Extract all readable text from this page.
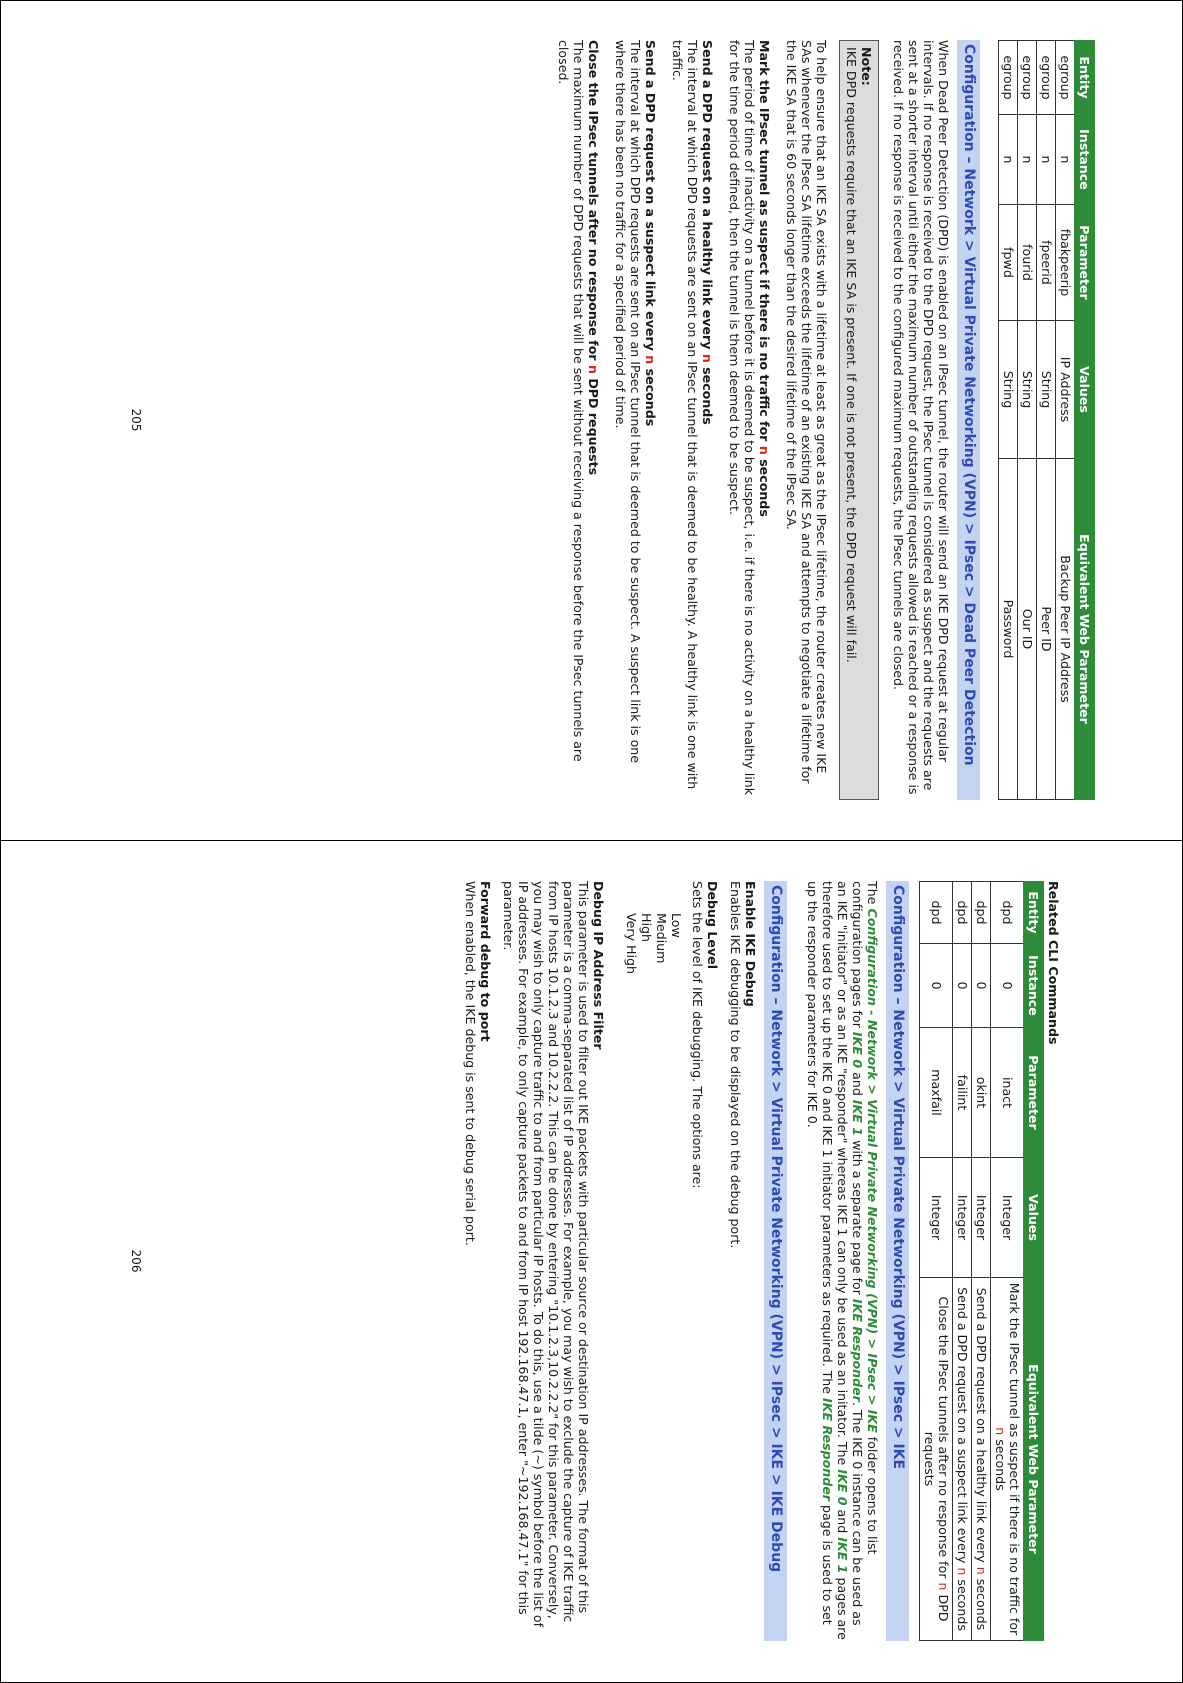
Entity	Instance	Parameter	Values	Equivalent Web Parameter
egroup	n	fbakpeerip	IP Address	Backup Peer IP Address
egroup	n	fpeerid	String	Peer ID
egroup	n	fourid	String	Our ID
egroup	n	fpwd	String	Password
Configuration – Network > Virtual Private Networking (VPN) > IPsec > Dead Peer Detection

When Dead Peer Detection (DPD) is enabled on an IPsec tunnel, the router will send an IKE DPD request at regular intervals. If no response is received to the DPD request, the IPsec tunnel is considered as suspect and the requests are sent at a shorter interval until either the maximum number of outstanding requests allowed is reached or a response is received. If no response is received to the configured maximum requests, the IPsec tunnels are closed.

Note:
IKE DPD requests require that an IKE SA is present. If one is not present, the DPD request will fail.

To help ensure that an IKE SA exists with a lifetime at least as great as the IPsec lifetime, the router creates new IKE SAs whenever the IPsec SA lifetime exceeds the lifetime of an existing IKE SA and attempts to negotiate a lifetime for the IKE SA that is 60 seconds longer than the desired lifetime of the IPsec SA.

Mark the IPsec tunnel as suspect if there is no traffic for n seconds
The period of time of inactivity on a tunnel before it is deemed to be suspect, i.e. if there is no activity on a healthy link for the time period defined, then the tunnel is them deemed to be suspect.

Send a DPD request on a healthy link every n seconds
The interval at which DPD requests are sent on an IPsec tunnel that is deemed to be healthy. A healthy link is one with traffic.

Send a DPD request on a suspect link every n seconds
The interval at which DPD requests are sent on an IPsec tunnel that is deemed to be suspect. A suspect link is one where there has been no traffic for a specified period of time.

Close the IPsec tunnels after no response for n DPD requests
The maximum number of DPD requests that will be sent without receiving a response before the IPsec tunnels are closed.

205
Related CLI Commands
Entity	Instance	Parameter	Values	Equivalent Web Parameter
dpd	0	inact	Integer	Mark the IPsec tunnel as suspect if there is no traffic for n seconds
dpd	0	okint	Integer	Send a DPD request on a healthy link every n seconds
dpd	0	failint	Integer	Send a DPD request on a suspect link every n seconds
dpd	0	maxfail	Integer	Close the IPsec tunnels after no response for n DPD requests
Configuration – Network > Virtual Private Networking (VPN) > IPsec > IKE

The Configuration - Network > Virtual Private Networking (VPN) > IPsec > IKE folder opens to list configuration pages for IKE 0 and IKE 1 with a separate page for IKE Responder. The IKE 0 instance can be used as an IKE "initiator" or as an IKE "responder" whereas IKE 1 can only be used as an initator. The IKE 0 and IKE 1 pages are therefore used to set up the IKE 0 and IKE 1 initiator parameters as required. The IKE Responder page is used to set up the responder parameters for IKE 0.

Configuration – Network > Virtual Private Networking (VPN) > IPsec > IKE > IKE Debug
Enable IKE Debug
Enables IKE debugging to be displayed on the debug port.
Debug Level
Sets the level of IKE debugging. The options are:
Low
Medium
High
Very High
Debug IP Address Filter
This parameter is used to filter out IKE packets with particular source or destination IP addresses. The format of this parameter is a comma-separated list of IP addresses. For example, you may wish to exclude the capture of IKE traffic from IP hosts 10.1.2.3 and 10.2.2.2. This can be done by entering "10.1.2.3,10.2.2.2" for this parameter. Conversely, you may wish to only capture traffic to and from particular IP hosts. To do this, use a tilde (~) symbol before the list of IP addresses. For example, to only capture packets to and from IP host 192.168.47.1, enter "~192.168.47.1" for this parameter.
Forward debug to port
When enabled, the IKE debug is sent to debug serial port.
206
